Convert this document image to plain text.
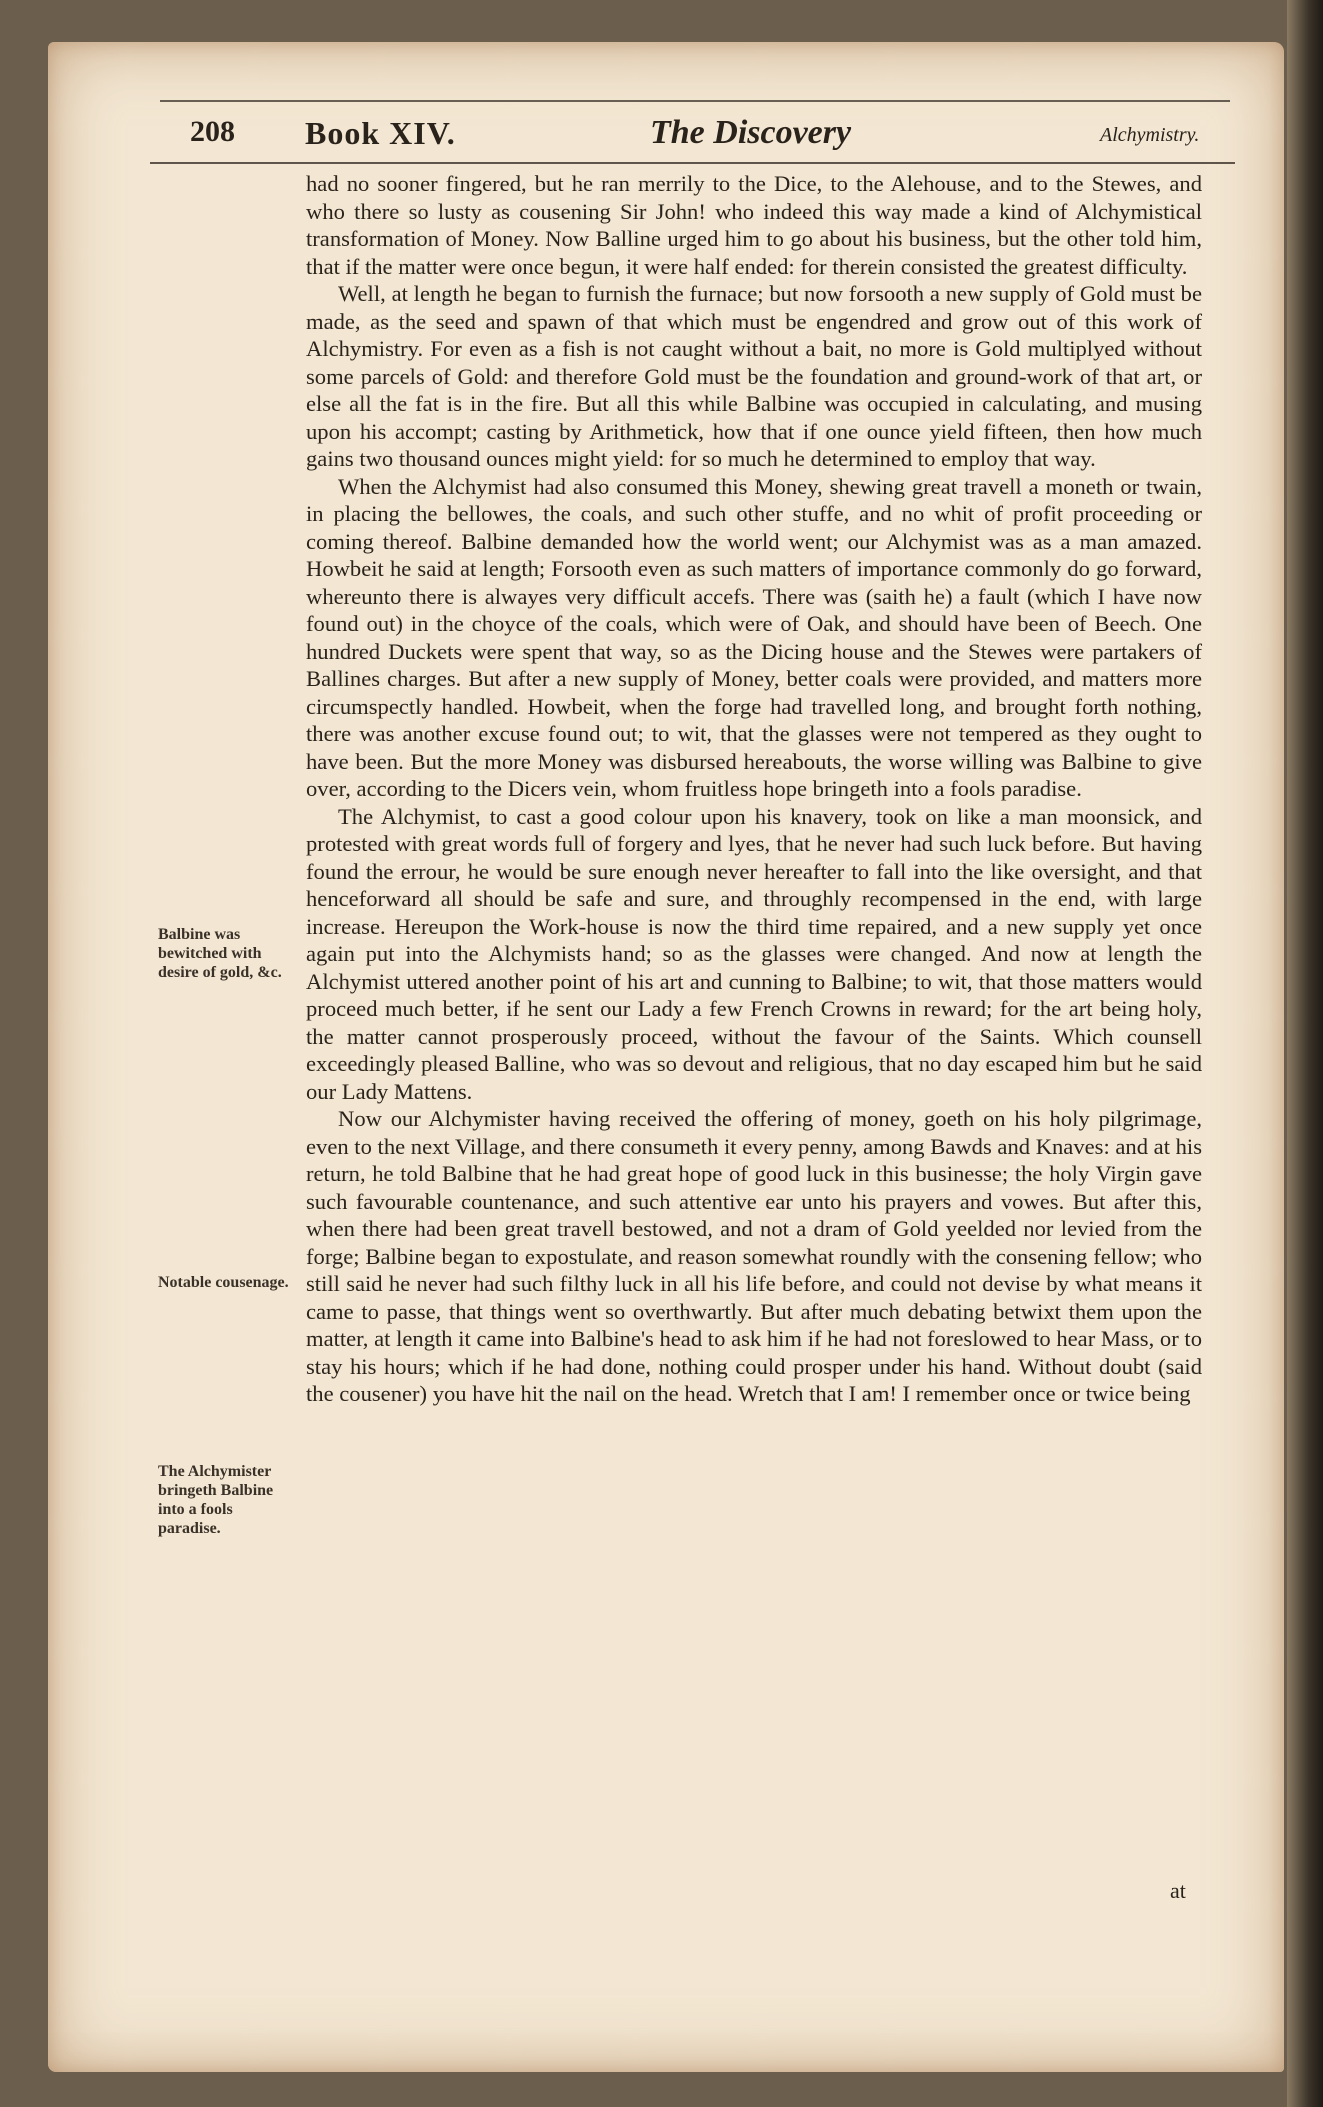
208 Book XIV.	The Discovery	Alchymistry.

had no sooner fingered, but he ran merrily to the Dice, to the Alehouse, and to the Stewes, and who there so lusty as cousening Sir John! who indeed this way made a kind of Alchymistical transformation of Money. Now Balline urged him to go about his business, but the other told him, that if the matter were once begun, it were half ended: for therein consisted the greatest difficulty.

Well, at length he began to furnish the furnace; but now forsooth a new supply of Gold must be made, as the seed and spawn of that which must be engendred and grow out of this work of Alchymistry. For even as a fish is not caught without a bait, no more is Gold multiplyed without some parcels of Gold: and therefore Gold must be the foundation and ground-work of that art, or else all the fat is in the fire. But all this while Balbine was occupied in calculating, and musing upon his accompt; casting by Arithmetick, how that if one ounce yield fifteen, then how much gains two thousand ounces might yield: for so much he determined to employ that way.

When the Alchymist had also consumed this Money, shewing great travell a moneth or twain, in placing the bellowes, the coals, and such other stuffe, and no whit of profit proceeding or coming thereof. Balbine demanded how the world went; our Alchymist was as a man amazed. Howbeit he said at length; Forsooth even as such matters of importance commonly do go forward, whereunto there is alwayes very difficult accefs. There was (saith he) a fault (which I have now found out) in the choyce of the coals, which were of Oak, and should have been of Beech. One hundred Duckets were spent that way, so as the Dicing house and the Stewes were partakers of Ballines charges. But after a new supply of Money, better coals were provided, and matters more circumspectly handled. Howbeit, when the forge had travelled long, and brought forth nothing, there was another excuse found out; to wit, that the glasses were not tempered as they ought to have been. But the more Money was disbursed hereabouts, the worse willing was Balbine to give over, according to the Dicers vein, whom fruitless hope bringeth into a fools paradise.

The Alchymist, to cast a good colour upon his knavery, took on like a man moonsick, and protested with great words full of forgery and lyes, that he never had such luck before. But having found the errour, he would be sure enough never hereafter to fall into the like oversight, and that henceforward all should be safe and sure, and throughly recompensed in the end, with large increase. Hereupon the Work-house is now the third time repaired, and a new supply yet once again put into the Alchymists hand; so as the glasses were changed. And now at length the Alchymist uttered another point of his art and cunning to Balbine; to wit, that those matters would proceed much better, if he sent our Lady a few French Crowns in reward; for the art being holy, the matter cannot prosperously proceed, without the favour of the Saints. Which counsell exceedingly pleased Balline, who was so devout and religious, that no day escaped him but he said our Lady Mattens.

Now our Alchymister having received the offering of money, goeth on his holy pilgrimage, even to the next Village, and there consumeth it every penny, among Bawds and Knaves: and at his return, he told Balbine that he had great hope of good luck in this businesse; the holy Virgin gave such favourable countenance, and such attentive ear unto his prayers and vowes. But after this, when there had been great travell bestowed, and not a dram of Gold yeelded nor levied from the forge; Balbine began to expostulate, and reason somewhat roundly with the consening fellow; who still said he never had such filthy luck in all his life before, and could not devise by what means it came to passe, that things went so overthwartly. But after much debating betwixt them upon the matter, at length it came into Balbine's head to ask him if he had not foreslowed to hear Mass, or to stay his hours; which if he had done, nothing could prosper under his hand. Without doubt (said the cousener) you have hit the nail on the head. Wretch that I am! I remember once or twice being

at
Balbine was bewitched with desire of gold, &c.
Notable cousenage.
The Alchymister bringeth Balbine into a fools paradise.
